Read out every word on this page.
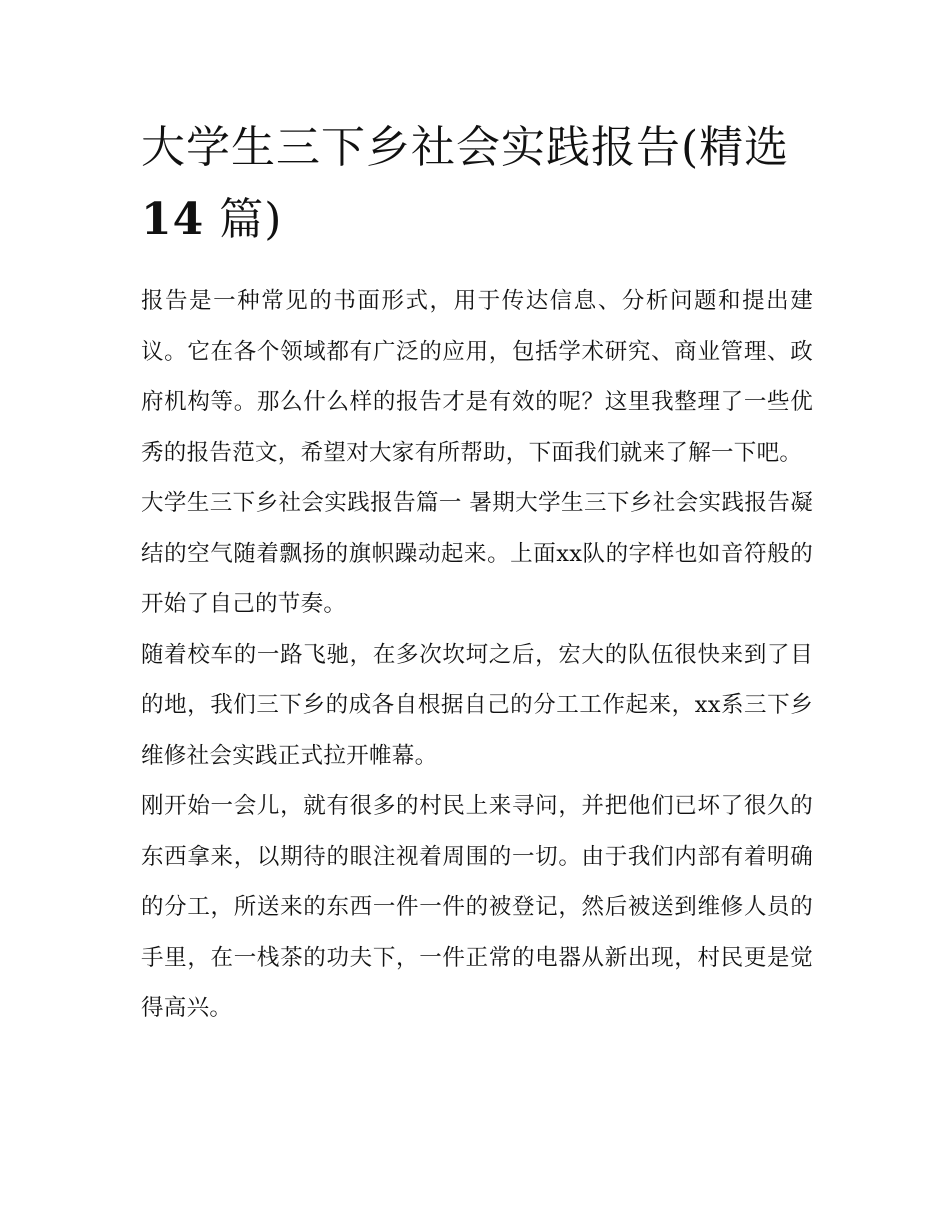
大学生三下乡社会实践报告(精选14 篇)

报告是一种常见的书面形式，用于传达信息、分析问题和提出建议。它在各个领域都有广泛的应用，包括学术研究、商业管理、政府机构等。那么什么样的报告才是有效的呢？这里我整理了一些优秀的报告范文，希望对大家有所帮助，下面我们就来了解一下吧。

大学生三下乡社会实践报告篇一 暑期大学生三下乡社会实践报告凝结的空气随着飘扬的旗帜躁动起来。上面xx队的字样也如音符般的开始了自己的节奏。

随着校车的一路飞驰，在多次坎坷之后，宏大的队伍很快来到了目的地，我们三下乡的成各自根据自己的分工工作起来，xx系三下乡维修社会实践正式拉开帷幕。

刚开始一会儿，就有很多的村民上来寻问，并把他们已坏了很久的东西拿来，以期待的眼注视着周围的一切。由于我们内部有着明确的分工，所送来的东西一件一件的被登记，然后被送到维修人员的手里，在一栈茶的功夫下，一件正常的电器从新出现，村民更是觉得高兴。
